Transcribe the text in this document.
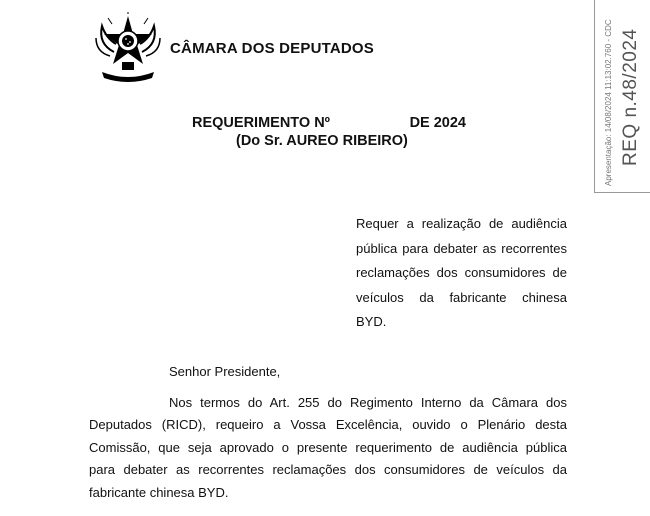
CÂMARA DOS DEPUTADOS
REQUERIMENTO Nº	DE 2024
(Do Sr. AUREO RIBEIRO)
Requer a realização de audiência
pública para debater as recorrentes
reclamações dos consumidores de
veículos da fabricante chinesa
BYD.
Senhor Presidente,
Nos termos do Art. 255 do Regimento Interno da Câmara dos
Deputados (RICD), requeiro a Vossa Excelência, ouvido o Plenário desta
Comissão, que seja aprovado o presente requerimento de audiência pública
para debater as recorrentes reclamações dos consumidores de veículos da
fabricante chinesa BYD.
Apresentação: 14/08/2024 11:13:02.760 - CDC REQ n.48/2024
